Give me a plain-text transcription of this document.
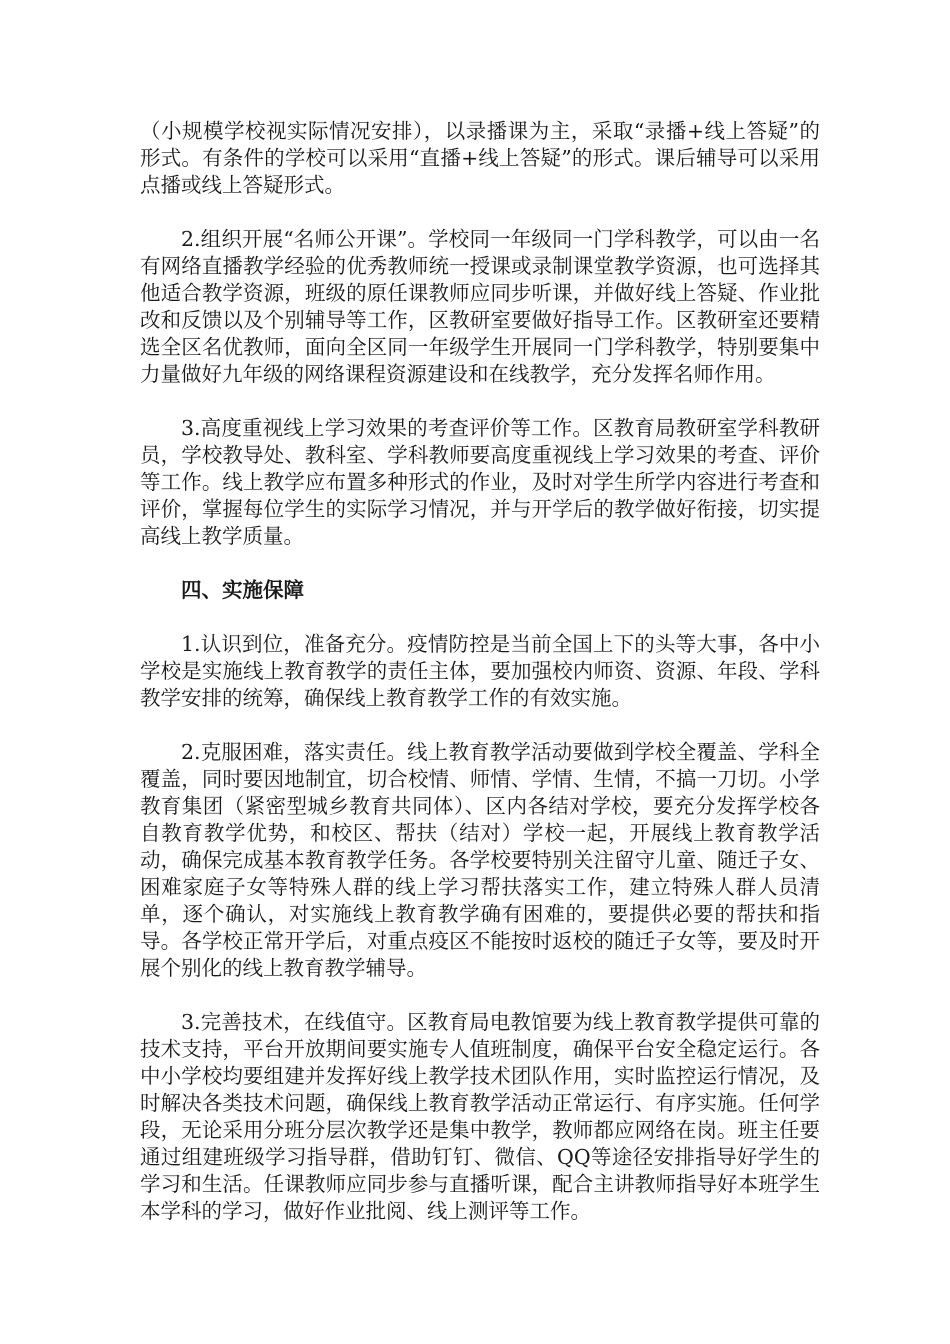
（小规模学校视实际情况安排），以录播课为主，采取“录播+线上答疑”的形式。有条件的学校可以采用“直播+线上答疑”的形式。课后辅导可以采用点播或线上答疑形式。

2.组织开展“名师公开课”。学校同一年级同一门学科教学，可以由一名有网络直播教学经验的优秀教师统一授课或录制课堂教学资源，也可选择其他适合教学资源，班级的原任课教师应同步听课，并做好线上答疑、作业批改和反馈以及个别辅导等工作，区教研室要做好指导工作。区教研室还要精选全区名优教师，面向全区同一年级学生开展同一门学科教学，特别要集中力量做好九年级的网络课程资源建设和在线教学，充分发挥名师作用。

3.高度重视线上学习效果的考查评价等工作。区教育局教研室学科教研员，学校教导处、教科室、学科教师要高度重视线上学习效果的考查、评价等工作。线上教学应布置多种形式的作业，及时对学生所学内容进行考查和评价，掌握每位学生的实际学习情况，并与开学后的教学做好衔接，切实提高线上教学质量。

四、实施保障

1.认识到位，准备充分。疫情防控是当前全国上下的头等大事，各中小学校是实施线上教育教学的责任主体，要加强校内师资、资源、年段、学科教学安排的统筹，确保线上教育教学工作的有效实施。

2.克服困难，落实责任。线上教育教学活动要做到学校全覆盖、学科全覆盖，同时要因地制宜，切合校情、师情、学情、生情，不搞一刀切。小学教育集团（紧密型城乡教育共同体）、区内各结对学校，要充分发挥学校各自教育教学优势，和校区、帮扶（结对）学校一起，开展线上教育教学活动，确保完成基本教育教学任务。各学校要特别关注留守儿童、随迁子女、困难家庭子女等特殊人群的线上学习帮扶落实工作，建立特殊人群人员清单，逐个确认，对实施线上教育教学确有困难的，要提供必要的帮扶和指导。各学校正常开学后，对重点疫区不能按时返校的随迁子女等，要及时开展个别化的线上教育教学辅导。

3.完善技术，在线值守。区教育局电教馆要为线上教育教学提供可靠的技术支持，平台开放期间要实施专人值班制度，确保平台安全稳定运行。各中小学校均要组建并发挥好线上教学技术团队作用，实时监控运行情况，及时解决各类技术问题，确保线上教育教学活动正常运行、有序实施。任何学段，无论采用分班分层次教学还是集中教学，教师都应网络在岗。班主任要通过组建班级学习指导群，借助钉钉、微信、QQ等途径安排指导好学生的学习和生活。任课教师应同步参与直播听课，配合主讲教师指导好本班学生本学科的学习，做好作业批阅、线上测评等工作。
